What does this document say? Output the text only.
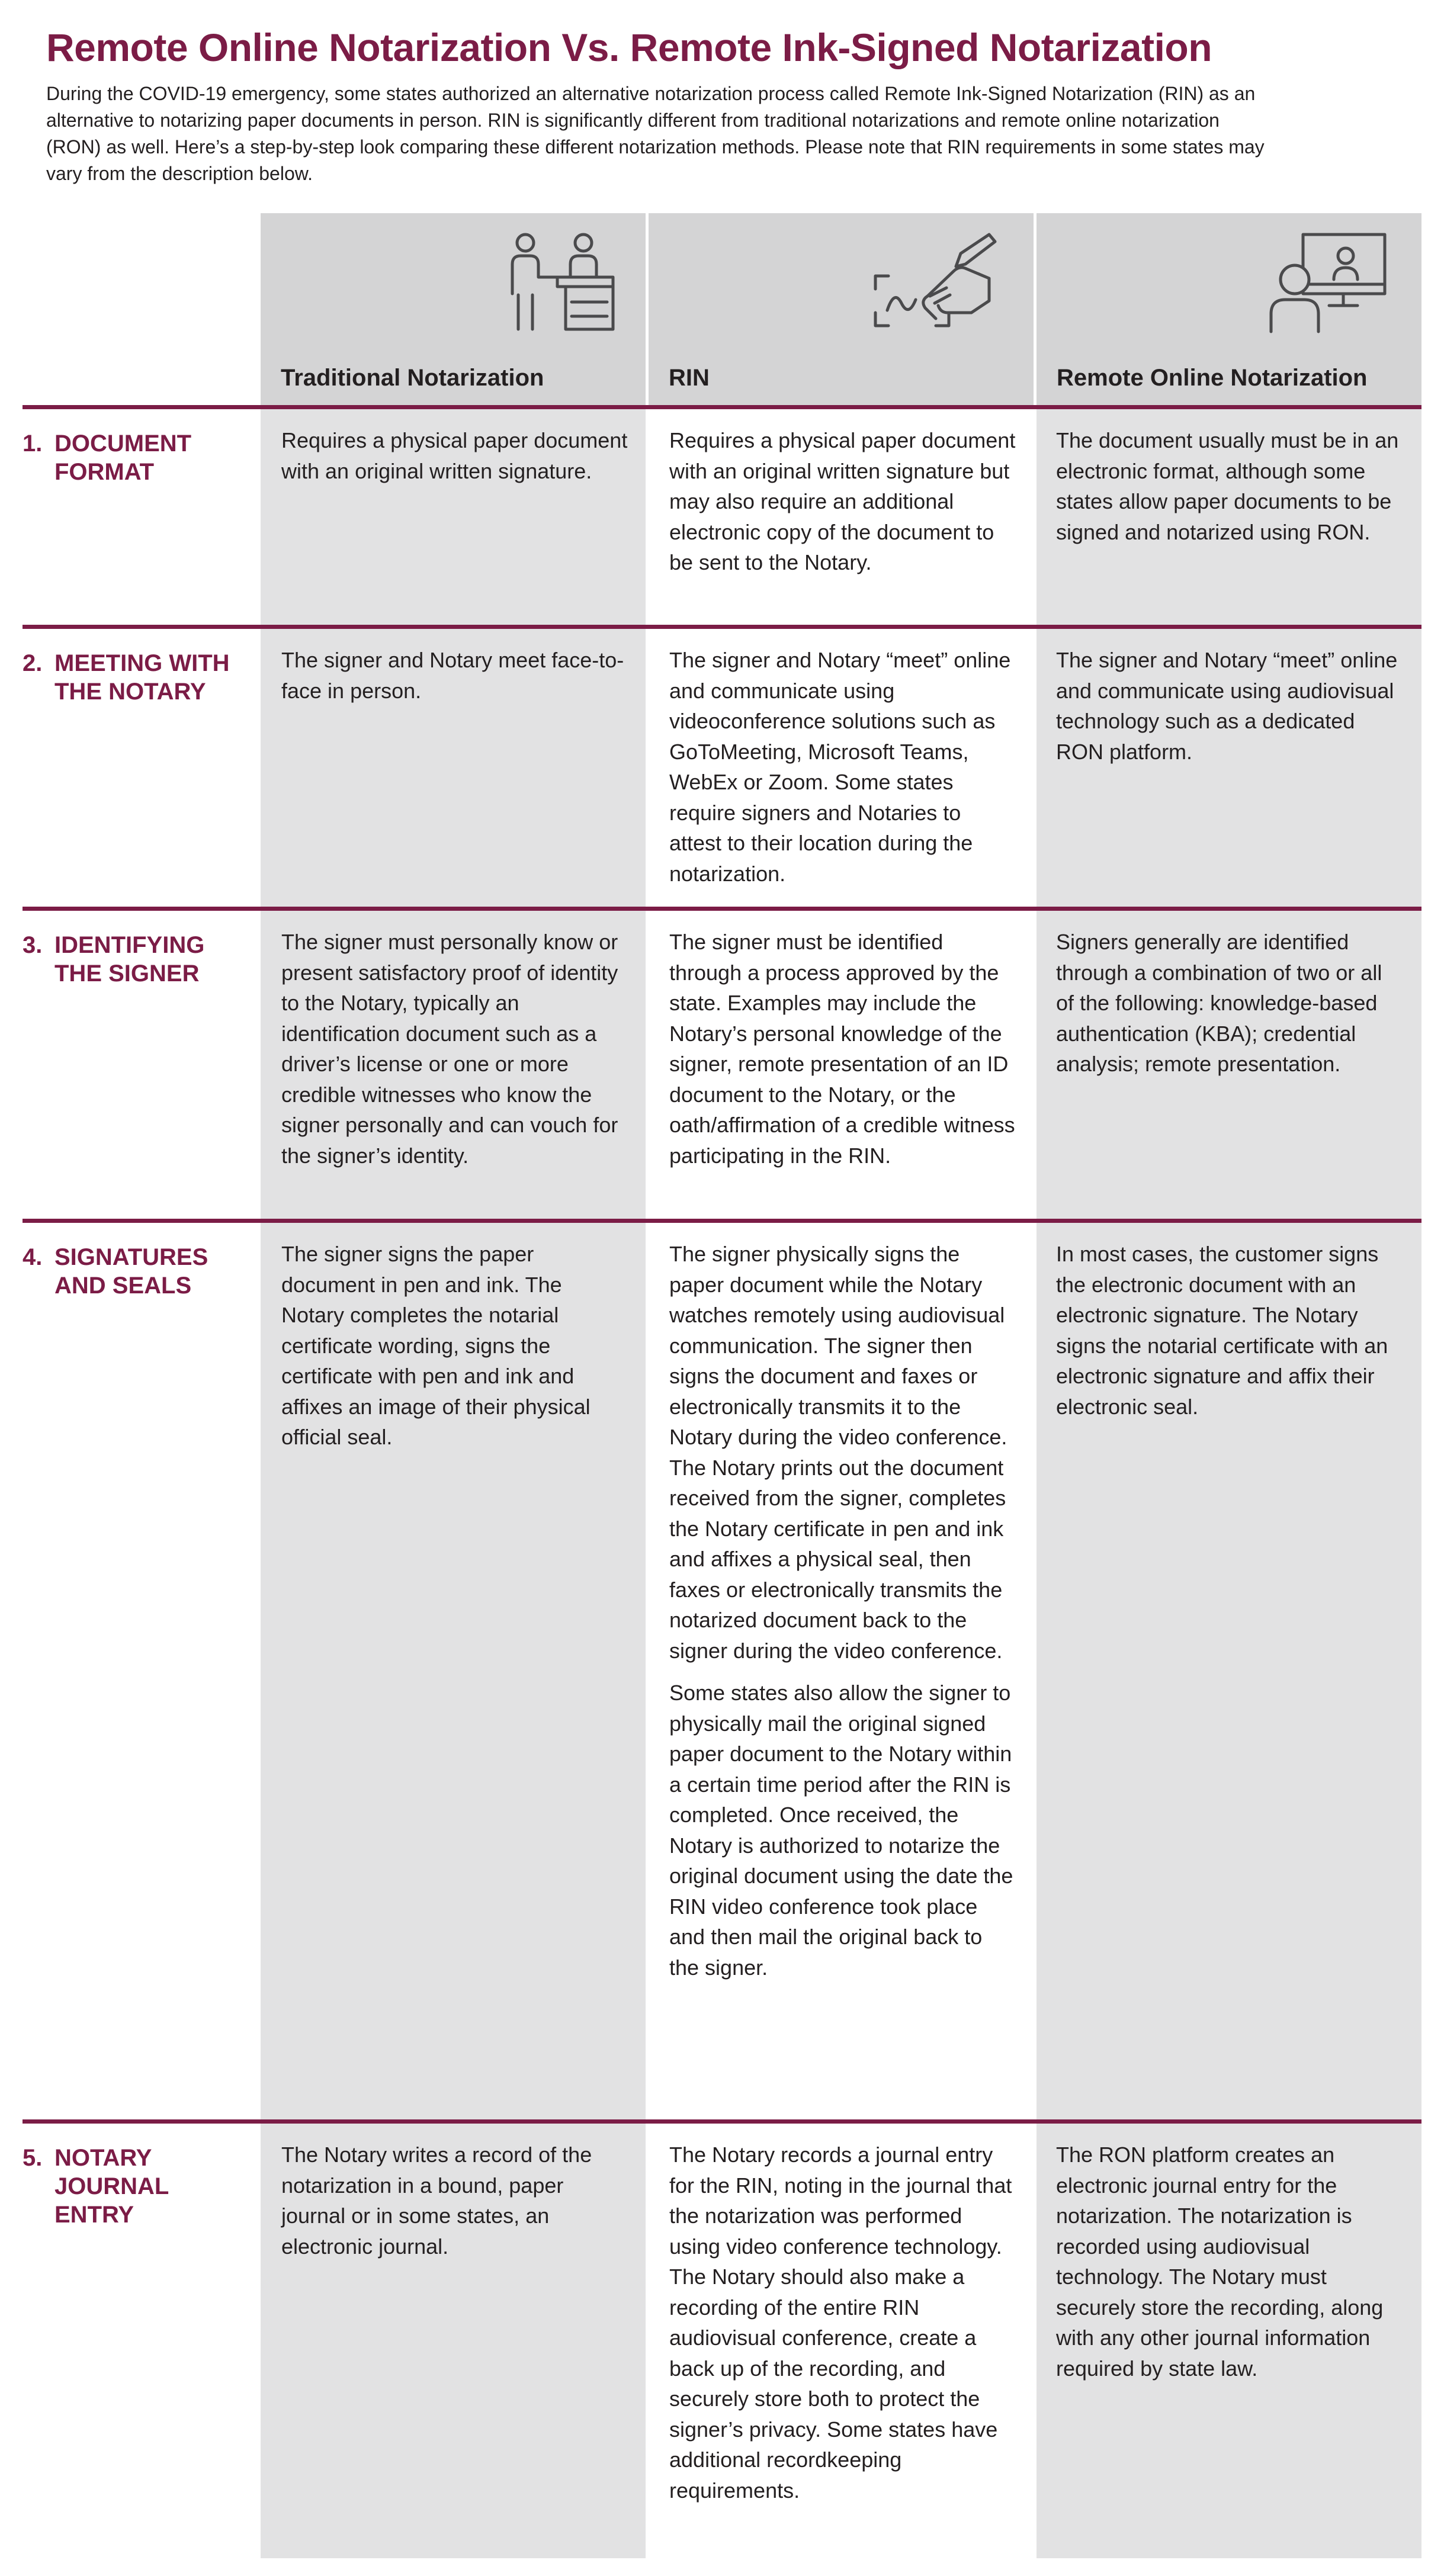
Remote Online Notarization Vs. Remote Ink-Signed Notarization

During the COVID-19 emergency, some states authorized an alternative notarization process called Remote Ink-Signed Notarization (RIN) as an alternative to notarizing paper documents in person. RIN is significantly different from traditional notarizations and remote online notarization (RON) as well. Here’s a step-by-step look comparing these different notarization methods. Please note that RIN requirements in some states may vary from the description below.

Traditional Notarization	RIN	Remote Online Notarization
1. DOCUMENT FORMAT

Requires a physical paper document with an original written signature.

Requires a physical paper document with an original written signature but may also require an additional electronic copy of the document to be sent to the Notary.

The document usually must be in an electronic format, although some states allow paper documents to be signed and notarized using RON.

2. MEETING WITH THE NOTARY

The signer and Notary meet face-to-face in person.

The signer and Notary “meet” online and communicate using videoconference solutions such as GoToMeeting, Microsoft Teams, WebEx or Zoom. Some states require signers and Notaries to attest to their location during the notarization.

The signer and Notary “meet” online and communicate using audiovisual technology such as a dedicated RON platform.

3. IDENTIFYING THE SIGNER

The signer must personally know or present satisfactory proof of identity to the Notary, typically an identification document such as a driver’s license or one or more credible witnesses who know the signer personally and can vouch for the signer’s identity.

The signer must be identified through a process approved by the state. Examples may include the Notary’s personal knowledge of the signer, remote presentation of an ID document to the Notary, or the oath/affirmation of a credible witness participating in the RIN.

Signers generally are identified through a combination of two or all of the following: knowledge-based authentication (KBA); credential analysis; remote presentation.

4. SIGNATURES AND SEALS

The signer signs the paper document in pen and ink. The Notary completes the notarial certificate wording, signs the certificate with pen and ink and affixes an image of their physical official seal.

The signer physically signs the paper document while the Notary watches remotely using audiovisual communication. The signer then signs the document and faxes or electronically transmits it to the Notary during the video conference. The Notary prints out the document received from the signer, completes the Notary certificate in pen and ink and affixes a physical seal, then faxes or electronically transmits the notarized document back to the signer during the video conference.

Some states also allow the signer to physically mail the original signed paper document to the Notary within a certain time period after the RIN is completed. Once received, the Notary is authorized to notarize the original document using the date the RIN video conference took place and then mail the original back to the signer.

In most cases, the customer signs the electronic document with an electronic signature. The Notary signs the notarial certificate with an electronic signature and affix their electronic seal.

5. NOTARY JOURNAL ENTRY

The Notary writes a record of the notarization in a bound, paper journal or in some states, an electronic journal.

The Notary records a journal entry for the RIN, noting in the journal that the notarization was performed using video conference technology. The Notary should also make a recording of the entire RIN audiovisual conference, create a back up of the recording, and securely store both to protect the signer’s privacy. Some states have additional recordkeeping requirements.

The RON platform creates an electronic journal entry for the notarization. The notarization is recorded using audiovisual technology. The Notary must securely store the recording, along with any other journal information required by state law.
